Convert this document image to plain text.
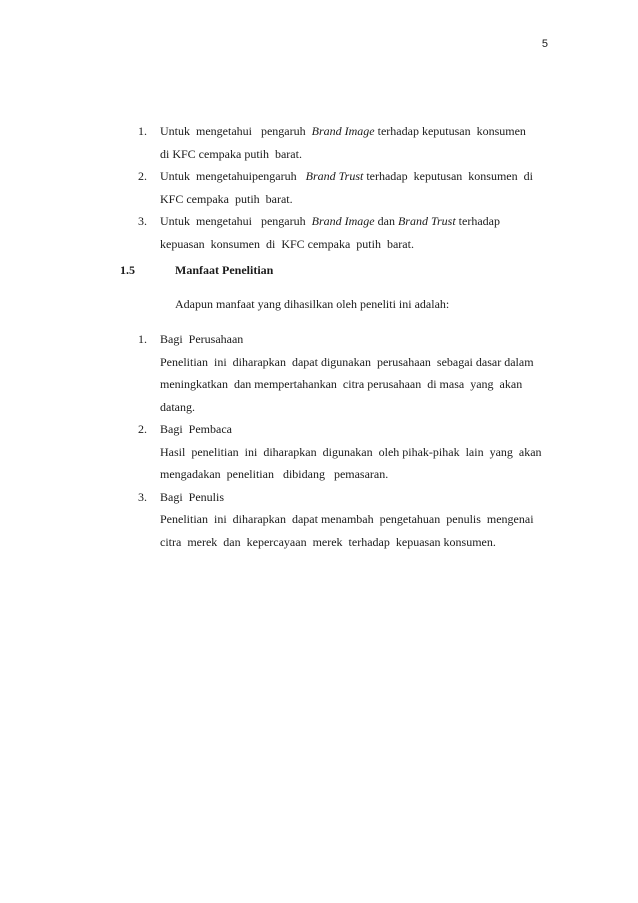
5
1. Untuk  mengetahui   pengaruh  Brand Image terhadap keputusan  konsumen
di KFC cempaka putih  barat.
2. Untuk  mengetahuipengaruh   Brand Trust terhadap  keputusan  konsumen  di
KFC cempaka  putih  barat.
3. Untuk  mengetahui   pengaruh  Brand Image dan Brand Trust terhadap
kepuasan  konsumen  di  KFC cempaka  putih  barat.
1.5	Manfaat Penelitian
Adapun manfaat yang dihasilkan oleh peneliti ini adalah:
1. Bagi  Perusahaan
Penelitian  ini  diharapkan  dapat digunakan  perusahaan  sebagai dasar dalam
meningkatkan  dan mempertahankan  citra perusahaan  di masa  yang  akan
datang.
2. Bagi  Pembaca
Hasil  penelitian  ini  diharapkan  digunakan  oleh pihak-pihak  lain  yang  akan
mengadakan  penelitian   dibidang   pemasaran.
3. Bagi  Penulis
Penelitian  ini  diharapkan  dapat menambah  pengetahuan  penulis  mengenai
citra  merek  dan  kepercayaan  merek  terhadap  kepuasan konsumen.
